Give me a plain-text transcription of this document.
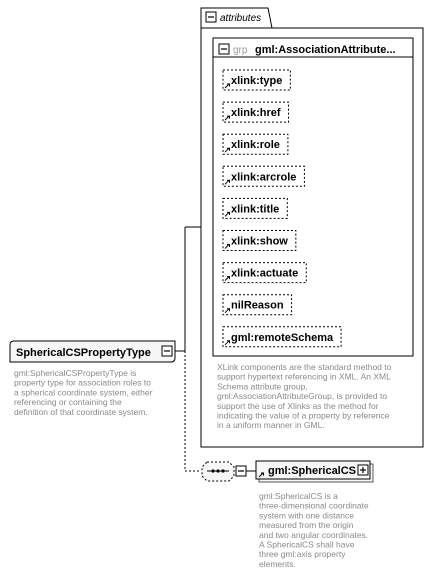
attributes
grp gml:AssociationAttribute...
xlink:type
xlink:href
xlink:role
xlink:arcrole
xlink:title
xlink:show
xlink:actuate
nilReason
gml:remoteSchema
XLink components are the standard method to
support hypertext referencing in XML. An XML
Schema attribute group,
gml:AssociationAttributeGroup, is provided to
support the use of Xlinks as the method for
indicating the value of a property by reference
in a uniform manner in GML.
SphericalCSPropertyType
gml:SphericalCSPropertyType is
property type for association roles to
a spherical coordinate system, either
referencing or containing the
definition of that coordinate system.
gml:SphericalCS
gml:SphericalCS is a
three-dimensional coordinate
system with one distance
measured from the origin
and two angular coordinates.
A SphericalCS shall have
three gml:axis property
elements.
